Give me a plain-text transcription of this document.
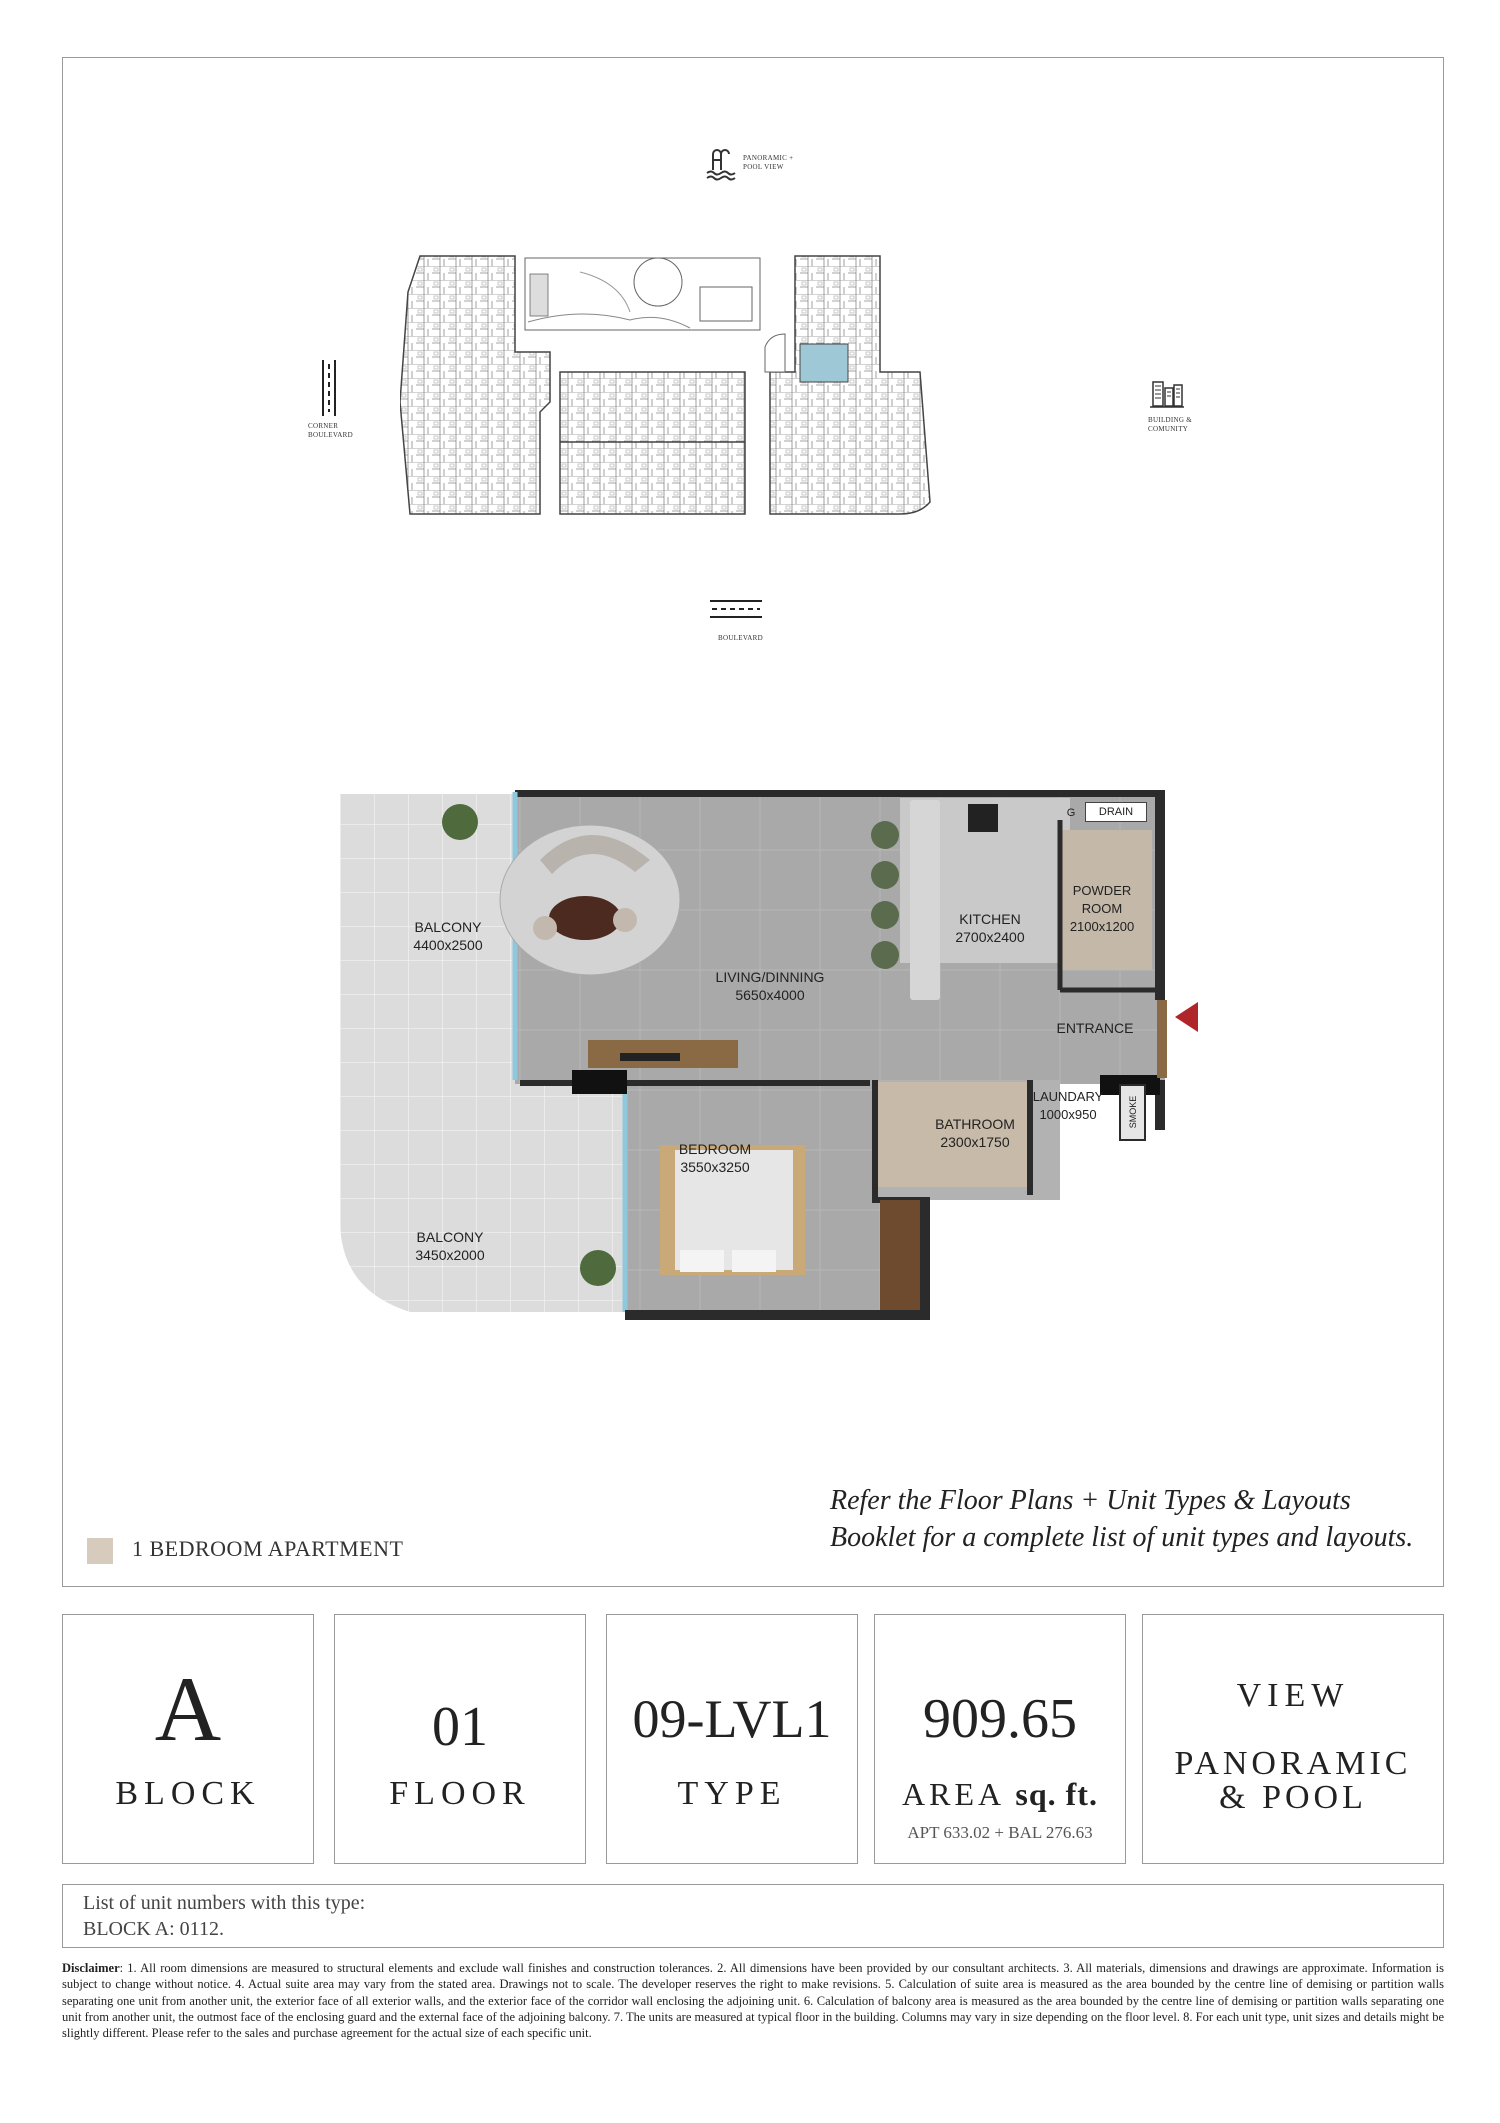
PANORAMIC + POOL VIEW
CORNER BOULEVARD
BUILDING & COMUNITY
BOULEVARD
BALCONY
4400x2500
LIVING/DINNING
5650x4000
KITCHEN
2700x2400
POWDER ROOM
2100x1200
DRAIN
G
ENTRANCE
LAUNDARY
1000x950	SMOKE
BATHROOM
2300x1750
BEDROOM
3550x3250
BALCONY
3450x2000
Refer the Floor Plans + Unit Types & Layouts Booklet for a complete list of unit types and layouts.
1 BEDROOM APARTMENT
A
BLOCK
01
FLOOR
09-LVL1
TYPE
909.65
AREA sq. ft.
APT 633.02 + BAL 276.63
VIEW
PANORAMIC
& POOL
List of unit numbers with this type:
BLOCK A: 0112.
Disclaimer: 1. All room dimensions are measured to structural elements and exclude wall finishes and construction tolerances. 2. All dimensions have been provided by our consultant architects. 3. All materials, dimensions and drawings are approximate. Information is subject to change without notice. 4. Actual suite area may vary from the stated area. Drawings not to scale. The developer reserves the right to make revisions. 5. Calculation of suite area is measured as the area bounded by the centre line of demising or partition walls separating one unit from another unit, the exterior face of all exterior walls, and the exterior face of the corridor wall enclosing the adjoining unit. 6. Calculation of balcony area is measured as the area bounded by the centre line of demising or partition walls separating one unit from another unit, the outmost face of the enclosing guard and the external face of the adjoining balcony. 7. The units are measured at typical floor in the building. Columns may vary in size depending on the floor level. 8. For each unit type, unit sizes and details might be slightly different. Please refer to the sales and purchase agreement for the actual size of each specific unit.
